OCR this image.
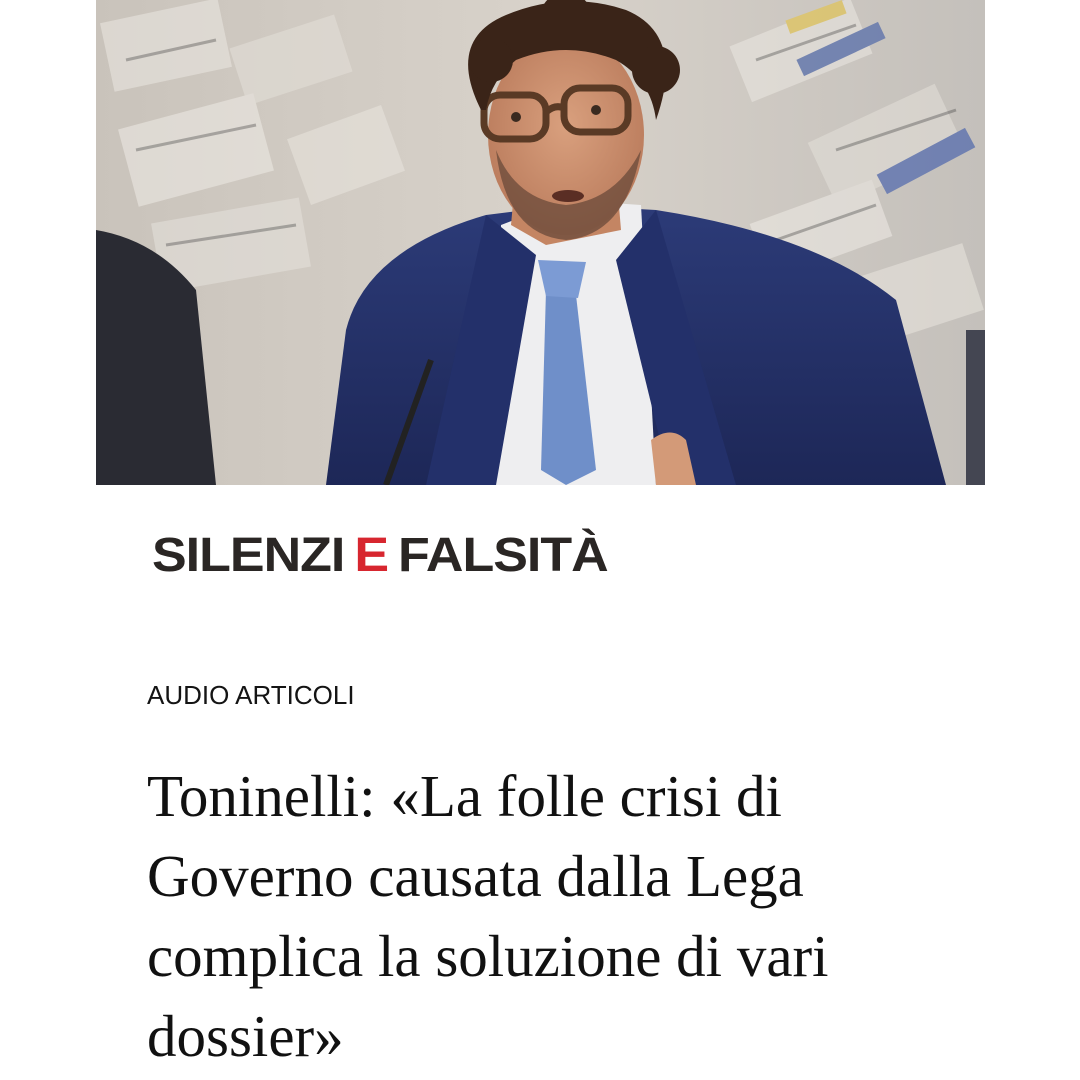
SILENZI E FALSITÀ
AUDIO ARTICOLI
Toninelli: «La folle crisi di Governo causata dalla Lega complica la soluzione di vari dossier»
